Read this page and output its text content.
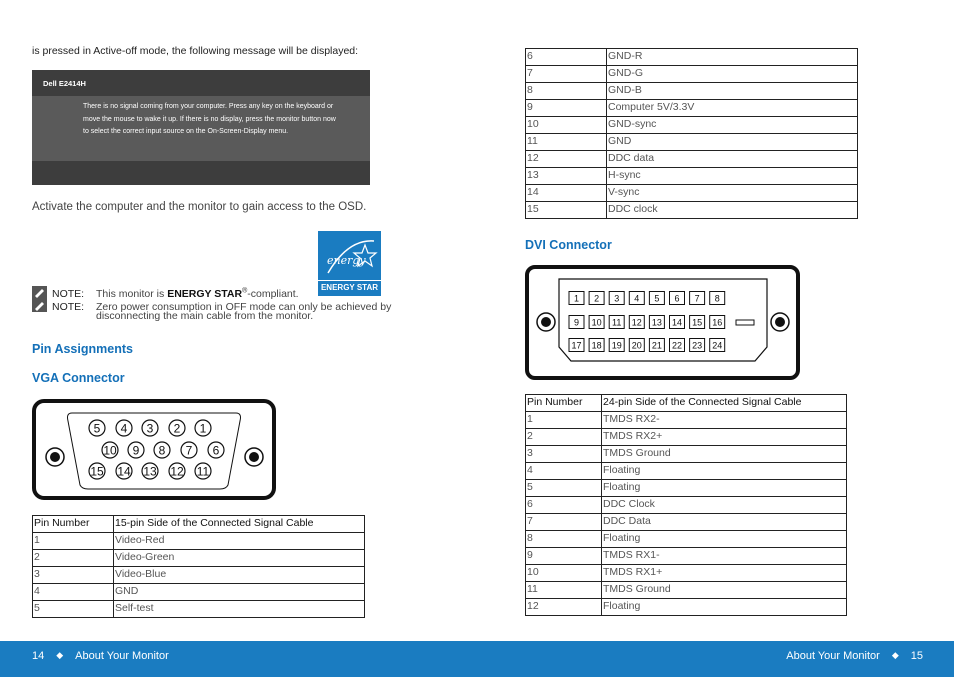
is pressed in Active-off mode, the following message will be displayed:
Dell E2414H
There is no signal coming from your computer. Press any key on the keyboard or move the mouse to wake it up. If there is no display, press the monitor button now to select the correct input source on the On-Screen-Display menu.
Activate the computer and the monitor to gain access to the OSD.
energy
ENERGY STAR
NOTE: This monitor is ENERGY STAR®-compliant.
NOTE: Zero power consumption in OFF mode can only be achieved by
disconnecting the main cable from the monitor.
Pin Assignments
VGA Connector
5 4 3 2 1
10 9 8 7 6
15 14 13 12 11
Pin Number	15-pin Side of the Connected Signal Cable
1	Video-Red
2	Video-Green
3	Video-Blue
4	GND
5	Self-test
6	GND-R
7	GND-G
8	GND-B
9	Computer 5V/3.3V
10	GND-sync
11	GND
12	DDC data
13	H-sync
14	V-sync
15	DDC clock
DVI Connector
1 2 3 4 5 6 7 8
9 10 11 12 13 14 15 16
17 18 19 20 21 22 23 24
Pin Number	24-pin Side of the Connected Signal Cable
1	TMDS RX2-
2	TMDS RX2+
3	TMDS Ground
4	Floating
5	Floating
6	DDC Clock
7	DDC Data
8	Floating
9	TMDS RX1-
10	TMDS RX1+
11	TMDS Ground
12	Floating
14 ◆ About Your Monitor	About Your Monitor ◆ 15
